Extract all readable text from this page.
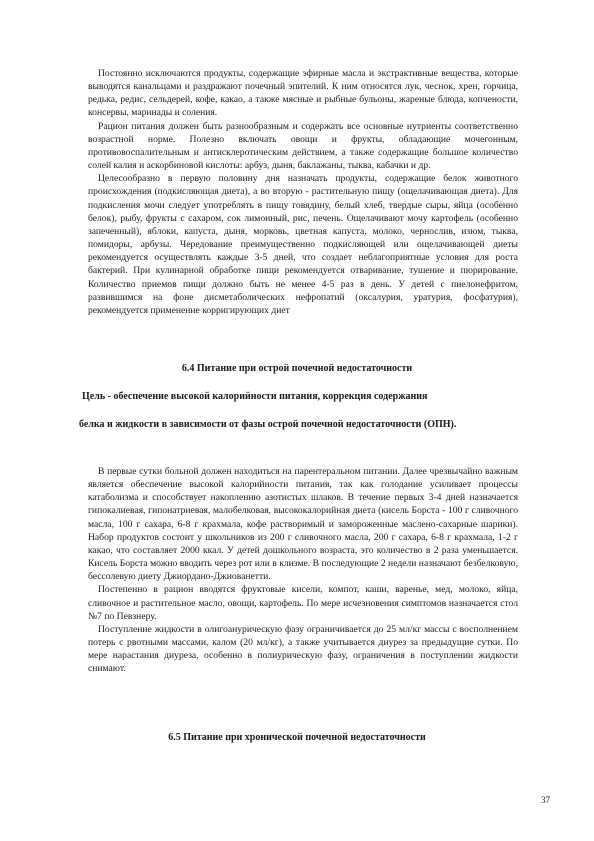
Постоянно исключаются продукты, содержащие эфирные масла и экстрактивные вещества, которые выводятся канальцами и раздражают почечный эпителий. К ним относятся лук, чеснок, хрен, горчица, редька, редис, сельдерей, кофе, какао, а также мясные и рыбные бульоны, жареные блюда, копчености, консервы, маринады и соления.

Рацион питания должен быть разнообразным и содержать все основные нутриенты соответственно возрастной норме. Полезно включать овощи и фрукты, обладающие мочегонным, противовоспалительным и антисклеротическим действием, а также содержащие большое количество солей калия и аскорбиновой кислоты: арбуз, дыня, баклажаны, тыква, кабачки и др.

Целесообразно в первую половину дня назначать продукты, содержащие белок животного происхождения (подкисляющая диета), а во вторую - растительную пищу (ощелачивающая диета). Для подкисления мочи следует употреблять в пищу говядину, белый хлеб, твердые сыры, яйца (особенно белок), рыбу, фрукты с сахаром, сок лимонный, рис, печень. Ощелачивают мочу картофель (особенно запеченный), яблоки, капуста, дыня, морковь, цветная капуста, молоко, чернослив, изюм, тыква, помидоры, арбузы. Чередование преимущественно подкисляющей или ощелачивающей диеты рекомендуется осуществлять каждые 3-5 дней, что создает неблагоприятные условия для роста бактерий. При кулинарной обработке пищи рекомендуется отваривание, тушение и пюрирование. Количество приемов пищи должно быть не менее 4-5 раз в день. У детей с пиелонефритом, развившимся на фоне дисметаболических нефропатий (оксалурия, уратурия, фосфатурия), рекомендуется применение корригирующих диет

6.4 Питание при острой почечной недостаточности
Цель - обеспечение высокой калорийности питания, коррекция содержания
белка и жидкости в зависимости от фазы острой почечной недостаточности (ОПН).

В первые сутки больной должен находиться на парентеральном питании. Далее чрезвычайно важным является обеспечение высокой калорийности питания, так как голодание усиливает процессы катаболизма и способствует накоплению азотистых шлаков. В течение первых 3-4 дней назначается гипокалиевая, гипонатриевая, малобелковая, высококалорийная диета (кисель Борста - 100 г сливочного масла, 100 г сахара, 6-8 г крахмала, кофе растворимый и замороженные маслено-сахарные шарики). Набор продуктов состоит у школьников из 200 г сливочного масла, 200 г сахара, 6-8 г крахмала, 1-2 г какао, что составляет 2000 ккал. У детей дошкольного возраста, это количество в 2 раза уменьшается. Кисель Борста можно вводить через рот или в клизме. В последующие 2 недели назначают безбелковую, бессолевую диету Джиордано-Джиованетти.

Постепенно в рацион вводятся фруктовые кисели, компот, каши, варенье, мед, молоко, яйца, сливочное и растительное масло, овощи, картофель. По мере исчезновения симптомов назначается стол №7 по Певзнеру.

Поступление жидкости в олигоанурическую фазу ограничивается до 25 мл/кг массы с восполнением потерь с рвотными массами, калом (20 мл/кг), а также учитывается диурез за предыдущие сутки. По мере нарастания диуреза, особенно в полиурическую фазу, ограничения в поступлении жидкости снимают.

6.5 Питание при хронической почечной недостаточности
37
